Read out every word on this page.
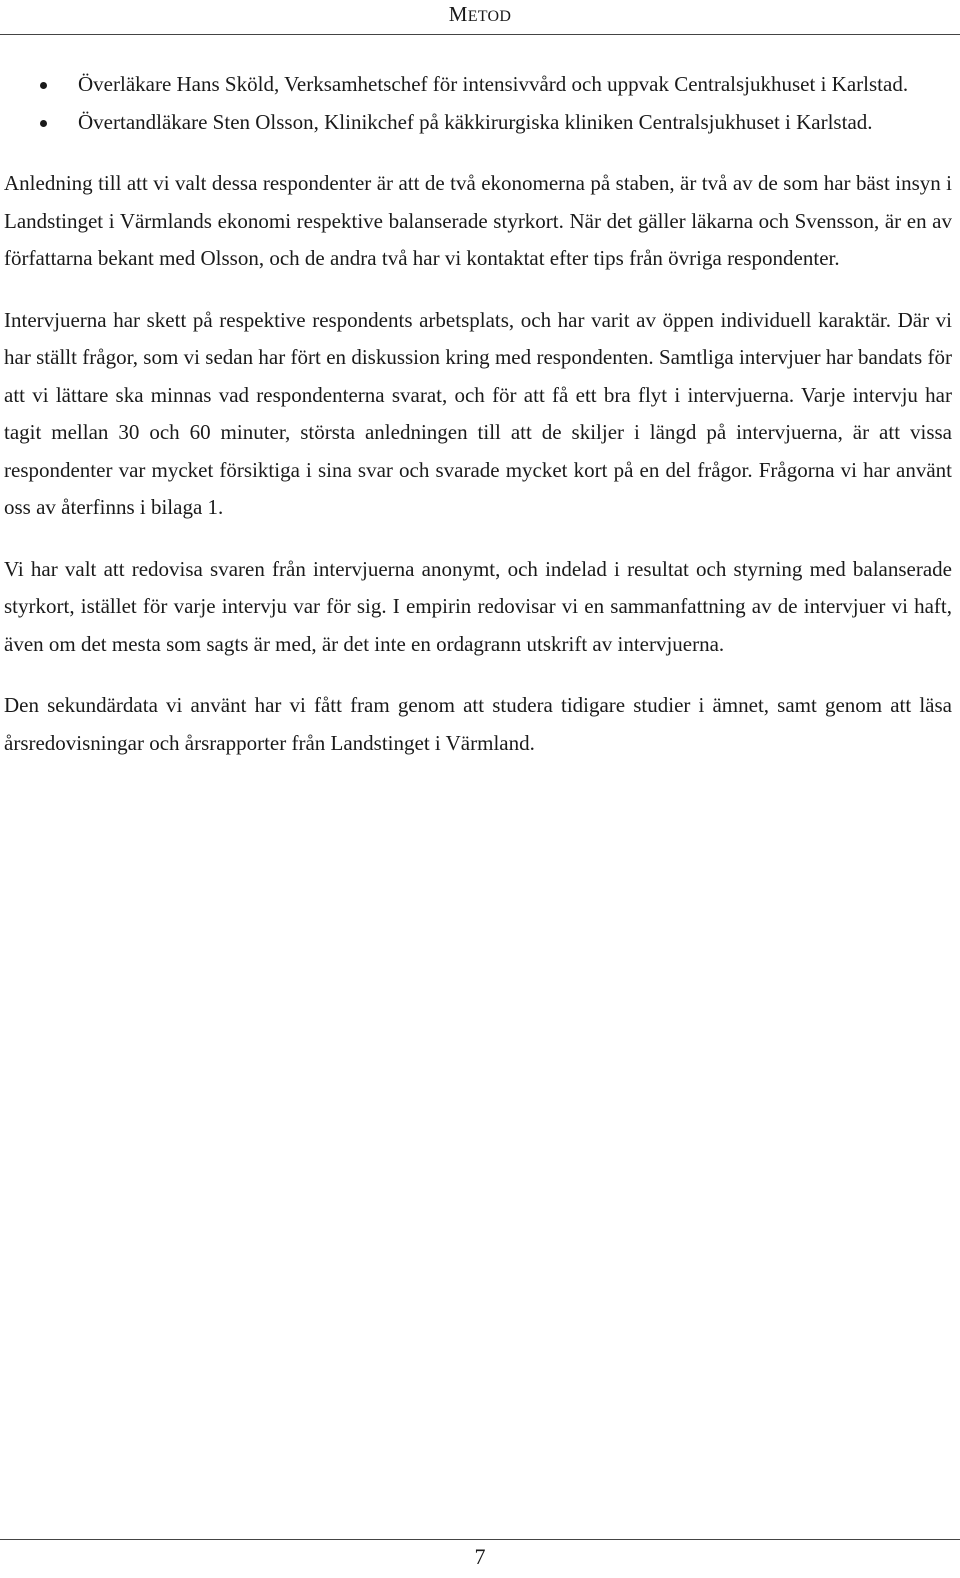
METOD
Överläkare Hans Sköld, Verksamhetschef för intensivvård och uppvak Centralsjukhuset i Karlstad.
Övertandläkare Sten Olsson, Klinikchef på käkkirurgiska kliniken Centralsjukhuset i Karlstad.

Anledning till att vi valt dessa respondenter är att de två ekonomerna på staben, är två av de som har bäst insyn i Landstinget i Värmlands ekonomi respektive balanserade styrkort. När det gäller läkarna och Svensson, är en av författarna bekant med Olsson, och de andra två har vi kontaktat efter tips från övriga respondenter.

Intervjuerna har skett på respektive respondents arbetsplats, och har varit av öppen individuell karaktär. Där vi har ställt frågor, som vi sedan har fört en diskussion kring med respondenten. Samtliga intervjuer har bandats för att vi lättare ska minnas vad respondenterna svarat, och för att få ett bra flyt i intervjuerna. Varje intervju har tagit mellan 30 och 60 minuter, största anledningen till att de skiljer i längd på intervjuerna, är att vissa respondenter var mycket försiktiga i sina svar och svarade mycket kort på en del frågor. Frågorna vi har använt oss av återfinns i bilaga 1.

Vi har valt att redovisa svaren från intervjuerna anonymt, och indelad i resultat och styrning med balanserade styrkort, istället för varje intervju var för sig. I empirin redovisar vi en sammanfattning av de intervjuer vi haft, även om det mesta som sagts är med, är det inte en ordagrann utskrift av intervjuerna.

Den sekundärdata vi använt har vi fått fram genom att studera tidigare studier i ämnet, samt genom att läsa årsredovisningar och årsrapporter från Landstinget i Värmland.

7
